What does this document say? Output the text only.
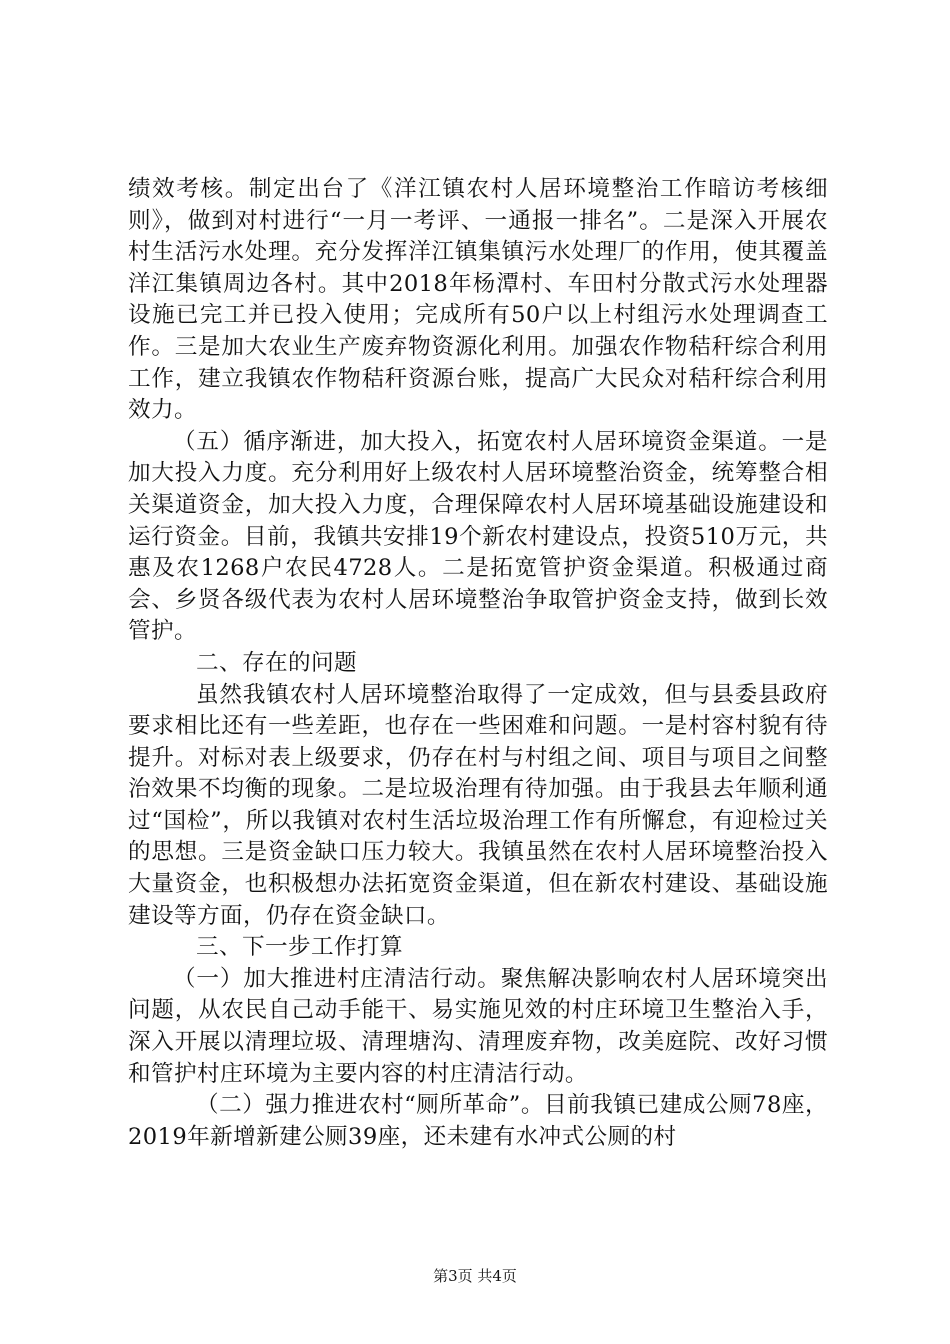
绩效考核。制定出台了《洋江镇农村人居环境整治工作暗访考核细则》，做到对村进行“一月一考评、一通报一排名”。二是深入开展农村生活污水处理。充分发挥洋江镇集镇污水处理厂的作用，使其覆盖洋江集镇周边各村。其中2018年杨潭村、车田村分散式污水处理器设施已完工并已投入使用；完成所有50户以上村组污水处理调查工作。三是加大农业生产废弃物资源化利用。加强农作物秸秆综合利用工作，建立我镇农作物秸秆资源台账，提高广大民众对秸秆综合利用效力。

（五）循序渐进，加大投入，拓宽农村人居环境资金渠道。一是加大投入力度。充分利用好上级农村人居环境整治资金，统筹整合相关渠道资金，加大投入力度，合理保障农村人居环境基础设施建设和运行资金。目前，我镇共安排19个新农村建设点，投资510万元，共惠及农1268户农民4728人。二是拓宽管护资金渠道。积极通过商会、乡贤各级代表为农村人居环境整治争取管护资金支持，做到长效管护。

二、存在的问题

虽然我镇农村人居环境整治取得了一定成效，但与县委县政府要求相比还有一些差距，也存在一些困难和问题。一是村容村貌有待提升。对标对表上级要求，仍存在村与村组之间、项目与项目之间整治效果不均衡的现象。二是垃圾治理有待加强。由于我县去年顺利通过“国检”，所以我镇对农村生活垃圾治理工作有所懈怠，有迎检过关的思想。三是资金缺口压力较大。我镇虽然在农村人居环境整治投入大量资金，也积极想办法拓宽资金渠道，但在新农村建设、基础设施建设等方面，仍存在资金缺口。

三、下一步工作打算

（一）加大推进村庄清洁行动。聚焦解决影响农村人居环境突出问题，从农民自己动手能干、易实施见效的村庄环境卫生整治入手，深入开展以清理垃圾、清理塘沟、清理废弃物，改美庭院、改好习惯和管护村庄环境为主要内容的村庄清洁行动。

（二）强力推进农村“厕所革命”。目前我镇已建成公厕78座，2019年新增新建公厕39座，还未建有水冲式公厕的村

第3页 共4页
